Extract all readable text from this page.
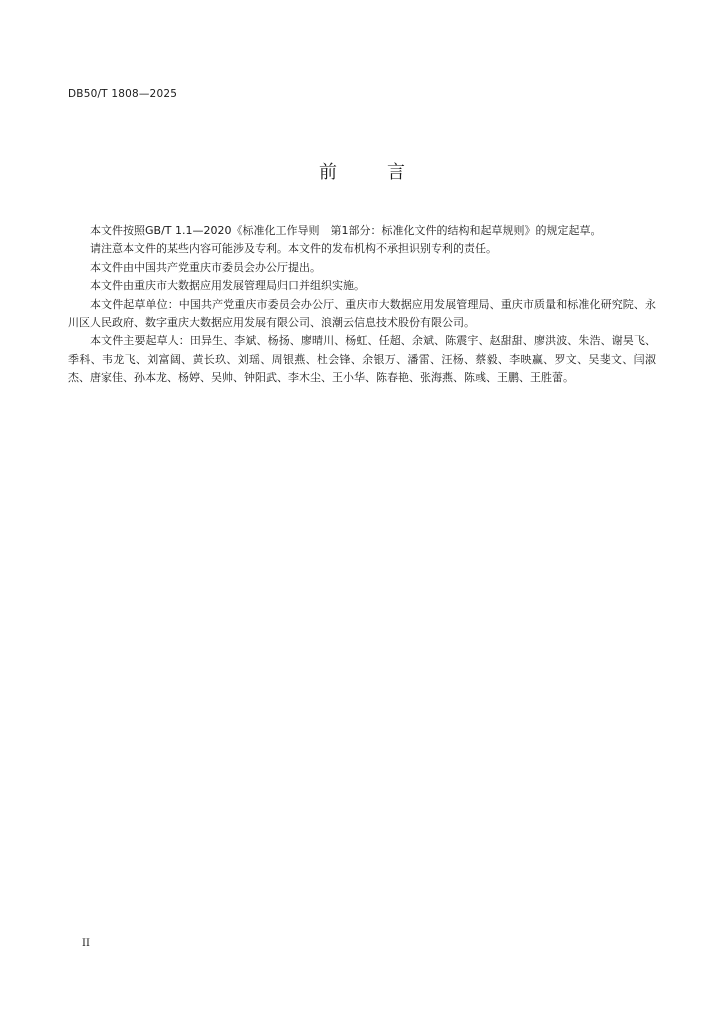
DB50/T 1808—2025
前	言

本文件按照GB/T 1.1—2020《标准化工作导则　第1部分：标准化文件的结构和起草规则》的规定起草。

请注意本文件的某些内容可能涉及专利。本文件的发布机构不承担识别专利的责任。

本文件由中国共产党重庆市委员会办公厅提出。

本文件由重庆市大数据应用发展管理局归口并组织实施。

本文件起草单位：中国共产党重庆市委员会办公厅、重庆市大数据应用发展管理局、重庆市质量和标准化研究院、永川区人民政府、数字重庆大数据应用发展有限公司、浪潮云信息技术股份有限公司。

本文件主要起草人：田异生、李斌、杨扬、廖晴川、杨虹、任超、余斌、陈震宇、赵甜甜、廖洪波、朱浩、谢昊飞、季科、韦龙飞、刘富阔、黄长玖、刘瑶、周银燕、杜会锋、余银万、潘雷、汪杨、蔡毅、李映赢、罗文、吴斐文、闫淑杰、唐家佳、孙本龙、杨婷、吴帅、钟阳武、李木尘、王小华、陈春艳、张海燕、陈彧、王鹏、王胜蕾。

II
